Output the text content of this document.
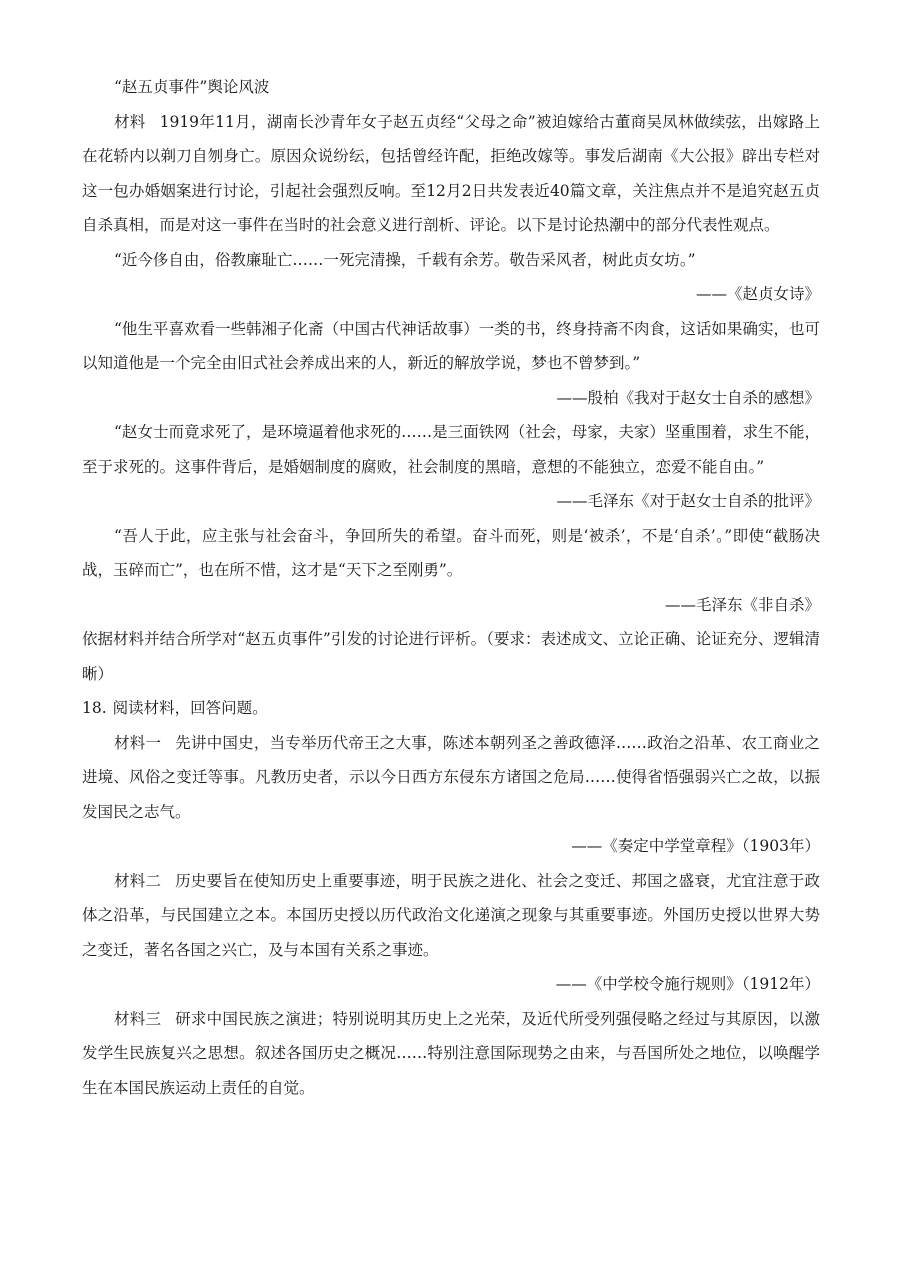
“赵五贞事件”舆论风波
材料 1919年11月，湖南长沙青年女子赵五贞经“父母之命”被迫嫁给古董商吴凤林做续弦，出嫁路上在花轿内以剃刀自刎身亡。原因众说纷纭，包括曾经许配，拒绝改嫁等。事发后湖南《大公报》辟出专栏对这一包办婚姻案进行讨论，引起社会强烈反响。至12月2日共发表近40篇文章，关注焦点并不是追究赵五贞自杀真相，而是对这一事件在当时的社会意义进行剖析、评论。以下是讨论热潮中的部分代表性观点。
“近今侈自由，俗教廉耻亡……一死完清操，千载有余芳。敬告采风者，树此贞女坊。”
——《赵贞女诗》
“他生平喜欢看一些韩湘子化斋（中国古代神话故事）一类的书，终身持斋不肉食，这话如果确实，也可以知道他是一个完全由旧式社会养成出来的人，新近的解放学说，梦也不曾梦到。”
——殷柏《我对于赵女士自杀的感想》
“赵女士而竟求死了，是环境逼着他求死的……是三面铁网（社会，母家，夫家）坚重围着，求生不能，至于求死的。这事件背后，是婚姻制度的腐败，社会制度的黑暗，意想的不能独立，恋爱不能自由。”
——毛泽东《对于赵女士自杀的批评》
“吾人于此，应主张与社会奋斗，争回所失的希望。奋斗而死，则是‘被杀’，不是‘自杀’。”即使“截肠决战，玉碎而亡”，也在所不惜，这才是“天下之至刚勇”。
——毛泽东《非自杀》
依据材料并结合所学对“赵五贞事件”引发的讨论进行评析。（要求：表述成文、立论正确、论证充分、逻辑清晰）
18. 阅读材料，回答问题。
材料一 先讲中国史，当专举历代帝王之大事，陈述本朝列圣之善政德泽……政治之沿革、农工商业之进境、风俗之变迁等事。凡教历史者，示以今日西方东侵东方诸国之危局……使得省悟强弱兴亡之故，以振发国民之志气。
——《奏定中学堂章程》（1903年）
材料二 历史要旨在使知历史上重要事迹，明于民族之进化、社会之变迁、邦国之盛衰，尤宜注意于政体之沿革，与民国建立之本。本国历史授以历代政治文化递演之现象与其重要事迹。外国历史授以世界大势之变迁，著名各国之兴亡，及与本国有关系之事迹。
——《中学校令施行规则》（1912年）
材料三 研求中国民族之演进；特别说明其历史上之光荣，及近代所受列强侵略之经过与其原因，以激发学生民族复兴之思想。叙述各国历史之概况……特别注意国际现势之由来，与吾国所处之地位，以唤醒学生在本国民族运动上责任的自觉。
